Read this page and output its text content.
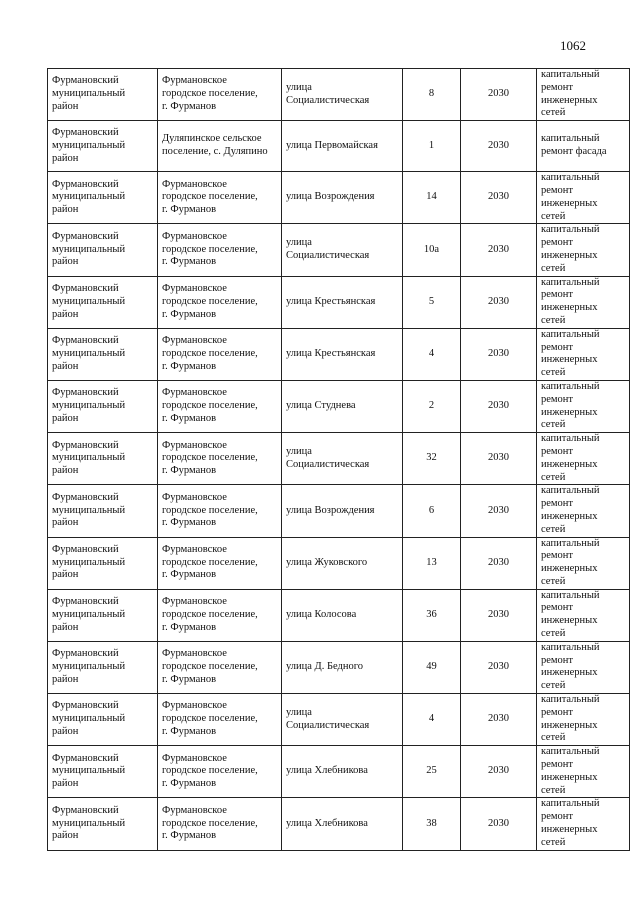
1062
Фурмановский
муниципальный
район	Фурмановское
городское поселение,
г. Фурманов	улица
Социалистическая	8	2030	капитальный
ремонт
инженерных
сетей
Фурмановский
муниципальный
район	Дуляпинское сельское
поселение, с. Дуляпино	улица Первомайская	1	2030	капитальный
ремонт фасада
Фурмановский
муниципальный
район	Фурмановское
городское поселение,
г. Фурманов	улица Возрождения	14	2030	капитальный
ремонт
инженерных
сетей
Фурмановский
муниципальный
район	Фурмановское
городское поселение,
г. Фурманов	улица
Социалистическая	10а	2030	капитальный
ремонт
инженерных
сетей
Фурмановский
муниципальный
район	Фурмановское
городское поселение,
г. Фурманов	улица Крестьянская	5	2030	капитальный
ремонт
инженерных
сетей
Фурмановский
муниципальный
район	Фурмановское
городское поселение,
г. Фурманов	улица Крестьянская	4	2030	капитальный
ремонт
инженерных
сетей
Фурмановский
муниципальный
район	Фурмановское
городское поселение,
г. Фурманов	улица Студнева	2	2030	капитальный
ремонт
инженерных
сетей
Фурмановский
муниципальный
район	Фурмановское
городское поселение,
г. Фурманов	улица
Социалистическая	32	2030	капитальный
ремонт
инженерных
сетей
Фурмановский
муниципальный
район	Фурмановское
городское поселение,
г. Фурманов	улица Возрождения	6	2030	капитальный
ремонт
инженерных
сетей
Фурмановский
муниципальный
район	Фурмановское
городское поселение,
г. Фурманов	улица Жуковского	13	2030	капитальный
ремонт
инженерных
сетей
Фурмановский
муниципальный
район	Фурмановское
городское поселение,
г. Фурманов	улица Колосова	36	2030	капитальный
ремонт
инженерных
сетей
Фурмановский
муниципальный
район	Фурмановское
городское поселение,
г. Фурманов	улица Д. Бедного	49	2030	капитальный
ремонт
инженерных
сетей
Фурмановский
муниципальный
район	Фурмановское
городское поселение,
г. Фурманов	улица
Социалистическая	4	2030	капитальный
ремонт
инженерных
сетей
Фурмановский
муниципальный
район	Фурмановское
городское поселение,
г. Фурманов	улица Хлебникова	25	2030	капитальный
ремонт
инженерных
сетей
Фурмановский
муниципальный
район	Фурмановское
городское поселение,
г. Фурманов	улица Хлебникова	38	2030	капитальный
ремонт
инженерных
сетей
